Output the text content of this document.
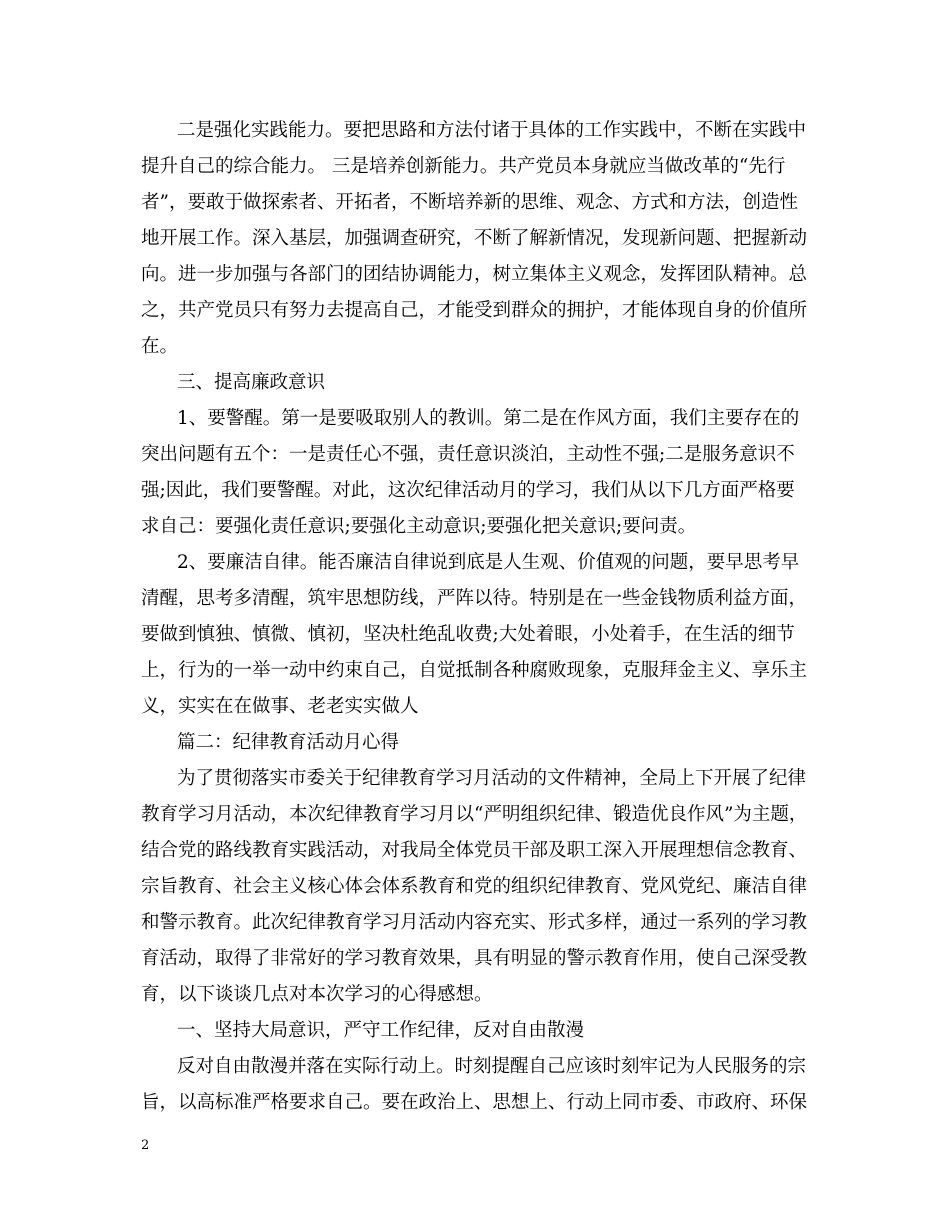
二是强化实践能力。要把思路和方法付诸于具体的工作实践中，不断在实践中
提升自己的综合能力。 三是培养创新能力。共产党员本身就应当做改革的“先行
者”，要敢于做探索者、开拓者，不断培养新的思维、观念、方式和方法，创造性
地开展工作。深入基层，加强调查研究，不断了解新情况，发现新问题、把握新动
向。进一步加强与各部门的团结协调能力，树立集体主义观念，发挥团队精神。总
之，共产党员只有努力去提高自己，才能受到群众的拥护，才能体现自身的价值所
在。
三、提高廉政意识
1、要警醒。第一是要吸取别人的教训。第二是在作风方面，我们主要存在的
突出问题有五个：一是责任心不强，责任意识淡泊，主动性不强;二是服务意识不
强;因此，我们要警醒。对此，这次纪律活动月的学习，我们从以下几方面严格要
求自己：要强化责任意识;要强化主动意识;要强化把关意识;要问责。
2、要廉洁自律。能否廉洁自律说到底是人生观、价值观的问题，要早思考早
清醒，思考多清醒，筑牢思想防线，严阵以待。特别是在一些金钱物质利益方面，
要做到慎独、慎微、慎初，坚决杜绝乱收费;大处着眼，小处着手，在生活的细节
上，行为的一举一动中约束自己，自觉抵制各种腐败现象，克服拜金主义、享乐主
义，实实在在做事、老老实实做人
篇二：纪律教育活动月心得
为了贯彻落实市委关于纪律教育学习月活动的文件精神，全局上下开展了纪律
教育学习月活动，本次纪律教育学习月以“严明组织纪律、锻造优良作风”为主题，
结合党的路线教育实践活动，对我局全体党员干部及职工深入开展理想信念教育、
宗旨教育、社会主义核心体会体系教育和党的组织纪律教育、党风党纪、廉洁自律
和警示教育。此次纪律教育学习月活动内容充实、形式多样，通过一系列的学习教
育活动，取得了非常好的学习教育效果，具有明显的警示教育作用，使自己深受教
育，以下谈谈几点对本次学习的心得感想。
一、坚持大局意识，严守工作纪律，反对自由散漫
反对自由散漫并落在实际行动上。时刻提醒自己应该时刻牢记为人民服务的宗
旨，以高标准严格要求自己。要在政治上、思想上、行动上同市委、市政府、环保
2
